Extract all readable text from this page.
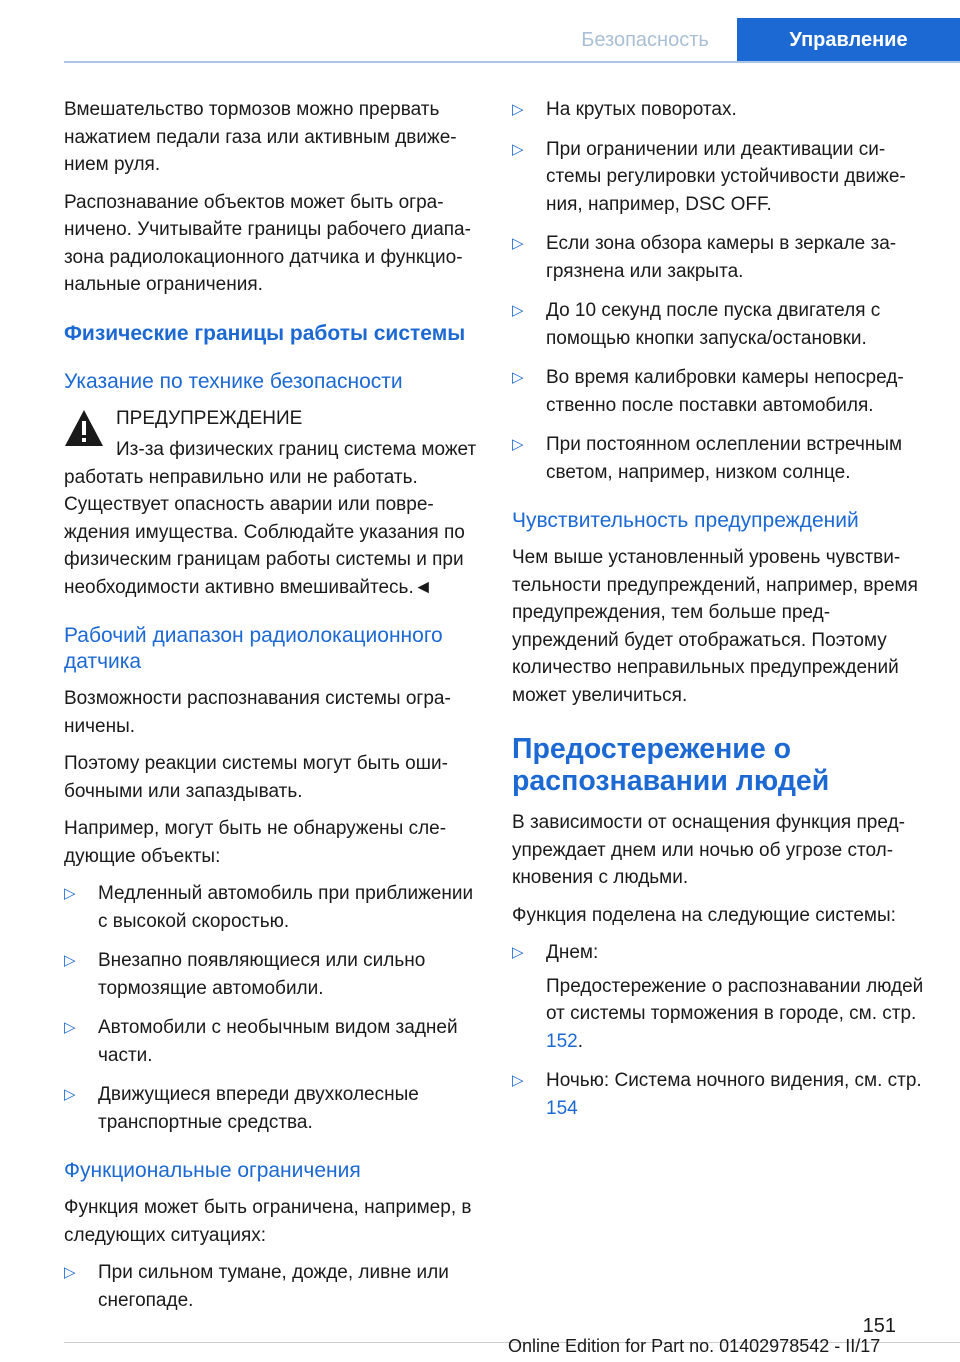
Безопасность	Управление

Вмешательство тормозов можно прервать нажатием педали газа или активным движением руля.

Распознавание объектов может быть ограничено. Учитывайте границы рабочего диапазона радиолокационного датчика и функциональные ограничения.

Физические границы работы системы
Указание по технике безопасности
ПРЕДУПРЕЖДЕНИЕ

Из-за физических границ система может работать неправильно или не работать. Существует опасность аварии или повреждения имущества. Соблюдайте указания по физическим границам работы системы и при необходимости активно вмешивайтесь.◄

Рабочий диапазон радиолокационного датчика

Возможности распознавания системы ограничены.

Поэтому реакции системы могут быть ошибочными или запаздывать.

Например, могут быть не обнаружены следующие объекты:

▷ Медленный автомобиль при приближении с высокой скоростью.
▷ Внезапно появляющиеся или сильно тормозящие автомобили.
▷ Автомобили с необычным видом задней части.
▷ Движущиеся впереди двухколесные транспортные средства.
Функциональные ограничения

Функция может быть ограничена, например, в следующих ситуациях:

▷ При сильном тумане, дожде, ливне или снегопаде.
▷ На крутых поворотах.
▷ При ограничении или деактивации системы регулировки устойчивости движения, например, DSC OFF.
▷ Если зона обзора камеры в зеркале загрязнена или закрыта.
▷ До 10 секунд после пуска двигателя с помощью кнопки запуска/остановки.
▷ Во время калибровки камеры непосредственно после поставки автомобиля.
▷ При постоянном ослеплении встречным светом, например, низком солнце.
Чувствительность предупреждений

Чем выше установленный уровень чувствительности предупреждений, например, время предупреждения, тем больше предупреждений будет отображаться. Поэтому количество неправильных предупреждений может увеличиться.

Предостережение о распознавании людей

В зависимости от оснащения функция предупреждает днем или ночью об угрозе столкновения с людьми.

Функция поделена на следующие системы:

▷ Днем:

Предостережение о распознавании людей от системы торможения в городе, см. стр. 152.

▷ Ночью: Система ночного видения, см. стр. 154
151
Online Edition for Part no. 01402978542 - II/17
